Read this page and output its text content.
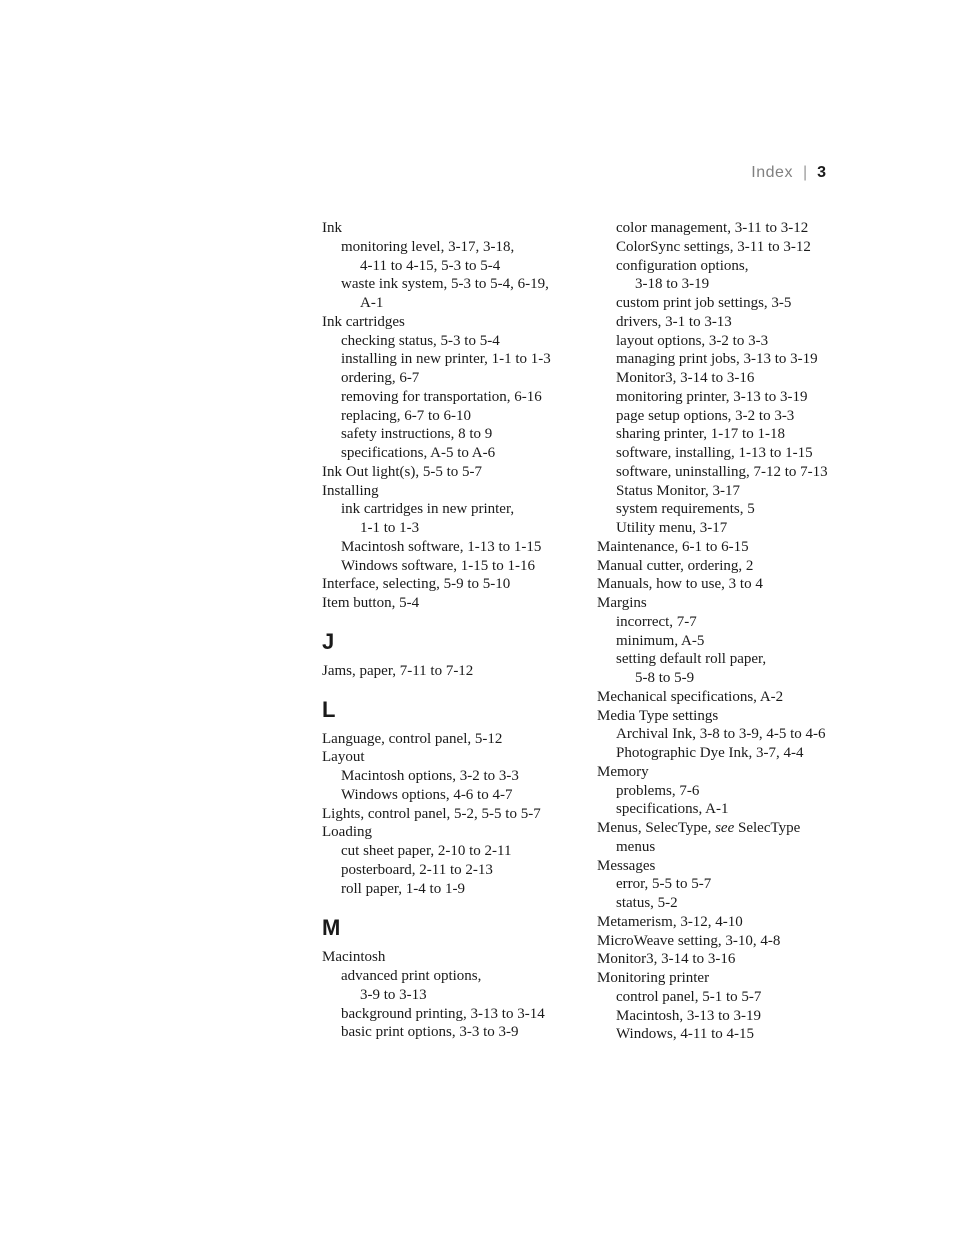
Index | 3
Ink
monitoring level, 3-17, 3-18,
4-11 to 4-15, 5-3 to 5-4
waste ink system, 5-3 to 5-4, 6-19,
A-1
Ink cartridges
checking status, 5-3 to 5-4
installing in new printer, 1-1 to 1-3
ordering, 6-7
removing for transportation, 6-16
replacing, 6-7 to 6-10
safety instructions, 8 to 9
specifications, A-5 to A-6
Ink Out light(s), 5-5 to 5-7
Installing
ink cartridges in new printer,
1-1 to 1-3
Macintosh software, 1-13 to 1-15
Windows software, 1-15 to 1-16
Interface, selecting, 5-9 to 5-10
Item button, 5-4
J
Jams, paper, 7-11 to 7-12
L
Language, control panel, 5-12
Layout
Macintosh options, 3-2 to 3-3
Windows options, 4-6 to 4-7
Lights, control panel, 5-2, 5-5 to 5-7
Loading
cut sheet paper, 2-10 to 2-11
posterboard, 2-11 to 2-13
roll paper, 1-4 to 1-9
M
Macintosh
advanced print options,
3-9 to 3-13
background printing, 3-13 to 3-14
basic print options, 3-3 to 3-9
color management, 3-11 to 3-12
ColorSync settings, 3-11 to 3-12
configuration options,
3-18 to 3-19
custom print job settings, 3-5
drivers, 3-1 to 3-13
layout options, 3-2 to 3-3
managing print jobs, 3-13 to 3-19
Monitor3, 3-14 to 3-16
monitoring printer, 3-13 to 3-19
page setup options, 3-2 to 3-3
sharing printer, 1-17 to 1-18
software, installing, 1-13 to 1-15
software, uninstalling, 7-12 to 7-13
Status Monitor, 3-17
system requirements, 5
Utility menu, 3-17
Maintenance, 6-1 to 6-15
Manual cutter, ordering, 2
Manuals, how to use, 3 to 4
Margins
incorrect, 7-7
minimum, A-5
setting default roll paper,
5-8 to 5-9
Mechanical specifications, A-2
Media Type settings
Archival Ink, 3-8 to 3-9, 4-5 to 4-6
Photographic Dye Ink, 3-7, 4-4
Memory
problems, 7-6
specifications, A-1
Menus, SelecType, see SelecType
menus
Messages
error, 5-5 to 5-7
status, 5-2
Metamerism, 3-12, 4-10
MicroWeave setting, 3-10, 4-8
Monitor3, 3-14 to 3-16
Monitoring printer
control panel, 5-1 to 5-7
Macintosh, 3-13 to 3-19
Windows, 4-11 to 4-15
